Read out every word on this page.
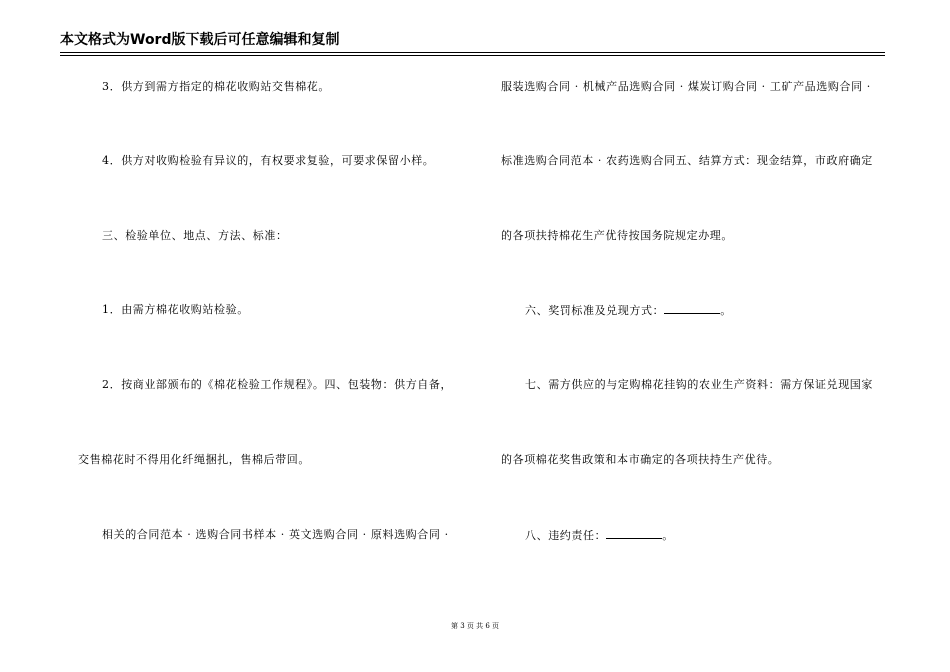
本文格式为Word版下载后可任意编辑和复制
3．供方到需方指定的棉花收购站交售棉花。
4．供方对收购检验有异议的，有权要求复验，可要求保留小样。
三、检验单位、地点、方法、标准：
1．由需方棉花收购站检验。
2．按商业部颁布的《棉花检验工作规程》。四、包装物：供方自备，
交售棉花时不得用化纤绳捆扎，售棉后带回。
相关的合同范本 · 选购合同书样本 · 英文选购合同 · 原料选购合同 ·
服装选购合同 · 机械产品选购合同 · 煤炭订购合同 · 工矿产品选购合同 ·
标准选购合同范本 · 农药选购合同五、结算方式：现金结算，市政府确定
的各项扶持棉花生产优待按国务院规定办理。
六、奖罚标准及兑现方式：	。
七、需方供应的与定购棉花挂钩的农业生产资料：需方保证兑现国家
的各项棉花奖售政策和本市确定的各项扶持生产优待。
八、违约责任：	。
第 3 页 共 6 页
